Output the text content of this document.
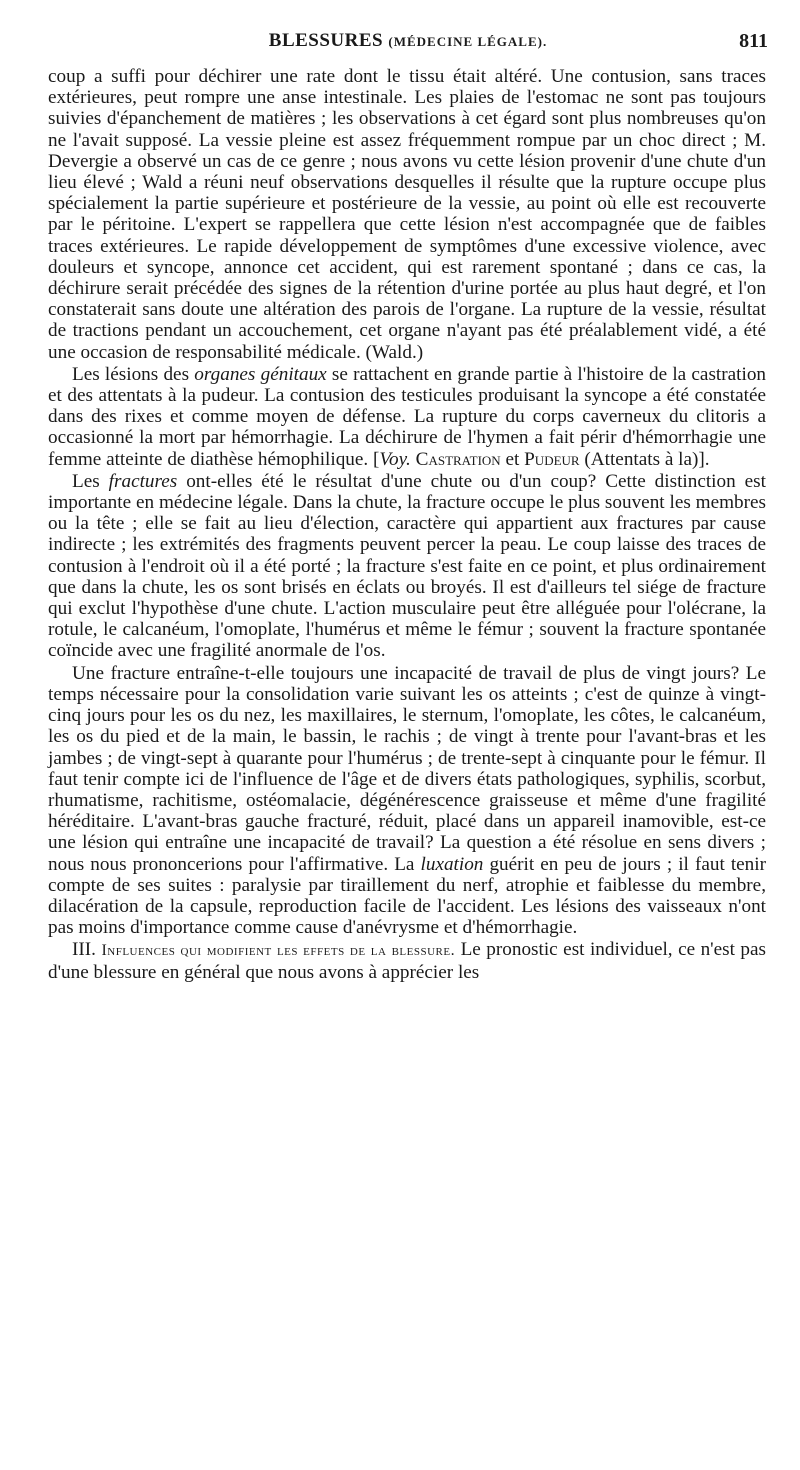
BLESSURES (MÉDECINE LÉGALE).	811

coup a suffi pour déchirer une rate dont le tissu était altéré. Une contusion, sans traces extérieures, peut rompre une anse intestinale. Les plaies de l'estomac ne sont pas toujours suivies d'épanchement de matières ; les observations à cet égard sont plus nombreuses qu'on ne l'avait supposé. La vessie pleine est assez fréquemment rompue par un choc direct ; M. Devergie a observé un cas de ce genre ; nous avons vu cette lésion provenir d'une chute d'un lieu élevé ; Wald a réuni neuf observations desquelles il résulte que la rupture occupe plus spécialement la partie supérieure et postérieure de la vessie, au point où elle est recouverte par le péritoine. L'expert se rappellera que cette lésion n'est accompagnée que de faibles traces extérieures. Le rapide développement de symptômes d'une excessive violence, avec douleurs et syncope, annonce cet accident, qui est rarement spontané ; dans ce cas, la déchirure serait précédée des signes de la rétention d'urine portée au plus haut degré, et l'on constaterait sans doute une altération des parois de l'organe. La rupture de la vessie, résultat de tractions pendant un accouchement, cet organe n'ayant pas été préalablement vidé, a été une occasion de responsabilité médicale. (Wald.)

Les lésions des organes génitaux se rattachent en grande partie à l'histoire de la castration et des attentats à la pudeur. La contusion des testicules produisant la syncope a été constatée dans des rixes et comme moyen de défense. La rupture du corps caverneux du clitoris a occasionné la mort par hémorrhagie. La déchirure de l'hymen a fait périr d'hémorrhagie une femme atteinte de diathèse hémophilique. [Voy. Castration et Pudeur (Attentats à la)].

Les fractures ont-elles été le résultat d'une chute ou d'un coup? Cette distinction est importante en médecine légale. Dans la chute, la fracture occupe le plus souvent les membres ou la tête ; elle se fait au lieu d'élection, caractère qui appartient aux fractures par cause indirecte ; les extrémités des fragments peuvent percer la peau. Le coup laisse des traces de contusion à l'endroit où il a été porté ; la fracture s'est faite en ce point, et plus ordinairement que dans la chute, les os sont brisés en éclats ou broyés. Il est d'ailleurs tel siége de fracture qui exclut l'hypothèse d'une chute. L'action musculaire peut être alléguée pour l'olécrane, la rotule, le calcanéum, l'omoplate, l'humérus et même le fémur ; souvent la fracture spontanée coïncide avec une fragilité anormale de l'os.

Une fracture entraîne-t-elle toujours une incapacité de travail de plus de vingt jours? Le temps nécessaire pour la consolidation varie suivant les os atteints ; c'est de quinze à vingt-cinq jours pour les os du nez, les maxillaires, le sternum, l'omoplate, les côtes, le calcanéum, les os du pied et de la main, le bassin, le rachis ; de vingt à trente pour l'avant-bras et les jambes ; de vingt-sept à quarante pour l'humérus ; de trente-sept à cinquante pour le fémur. Il faut tenir compte ici de l'influence de l'âge et de divers états pathologiques, syphilis, scorbut, rhumatisme, rachitisme, ostéomalacie, dégénérescence graisseuse et même d'une fragilité héréditaire. L'avant-bras gauche fracturé, réduit, placé dans un appareil inamovible, est-ce une lésion qui entraîne une incapacité de travail? La question a été résolue en sens divers ; nous nous prononcerions pour l'affirmative. La luxation guérit en peu de jours ; il faut tenir compte de ses suites : paralysie par tiraillement du nerf, atrophie et faiblesse du membre, dilacération de la capsule, reproduction facile de l'accident. Les lésions des vaisseaux n'ont pas moins d'importance comme cause d'anévrysme et d'hémorrhagie.

III. Influences qui modifient les effets de la blessure. Le pronostic est individuel, ce n'est pas d'une blessure en général que nous avons à apprécier les
